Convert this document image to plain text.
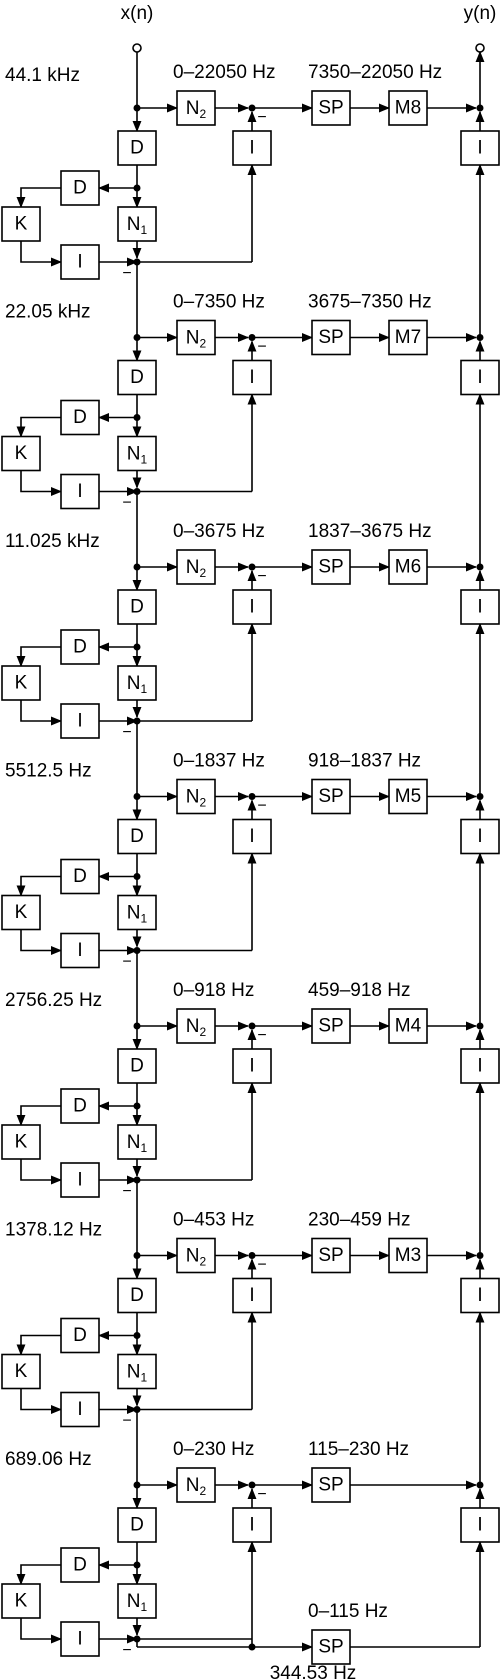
x(n)	y(n)
D
D
K	$N_1$
I
$N_2$	SP	M8
I	I
D
D
K	$N_1$
I
$N_2$	SP	M7
I	I
D
D
K	$N_1$
I
$N_2$	SP	M6
I	I
D
D
K	$N_1$
I
$N_2$	SP	M5
I	I
D
D
K	$N_1$
I
$N_2$	SP	M4
I	I
D
D
K	$N_1$
I
$N_2$	SP	M3
I	I
D
D
K	$N_1$
I
$N_2$	SP
I	I
SP
44.1 kHz	0–22050 Hz 7350–22050 Hz
−
−
22.05 kHz	0–7350 Hz 3675–7350 Hz
−
−
11.025 kHz	0–3675 Hz 1837–3675 Hz
−
−
5512.5 Hz	0–1837 Hz 918–1837 Hz
−
−
2756.25 Hz	0–918 Hz	459–918 Hz
−
−
1378.12 Hz	0–453 Hz	230–459 Hz
−
−
689.06 Hz	0–230 Hz	115–230 Hz
−
−
0–115 Hz
344.53 Hz
